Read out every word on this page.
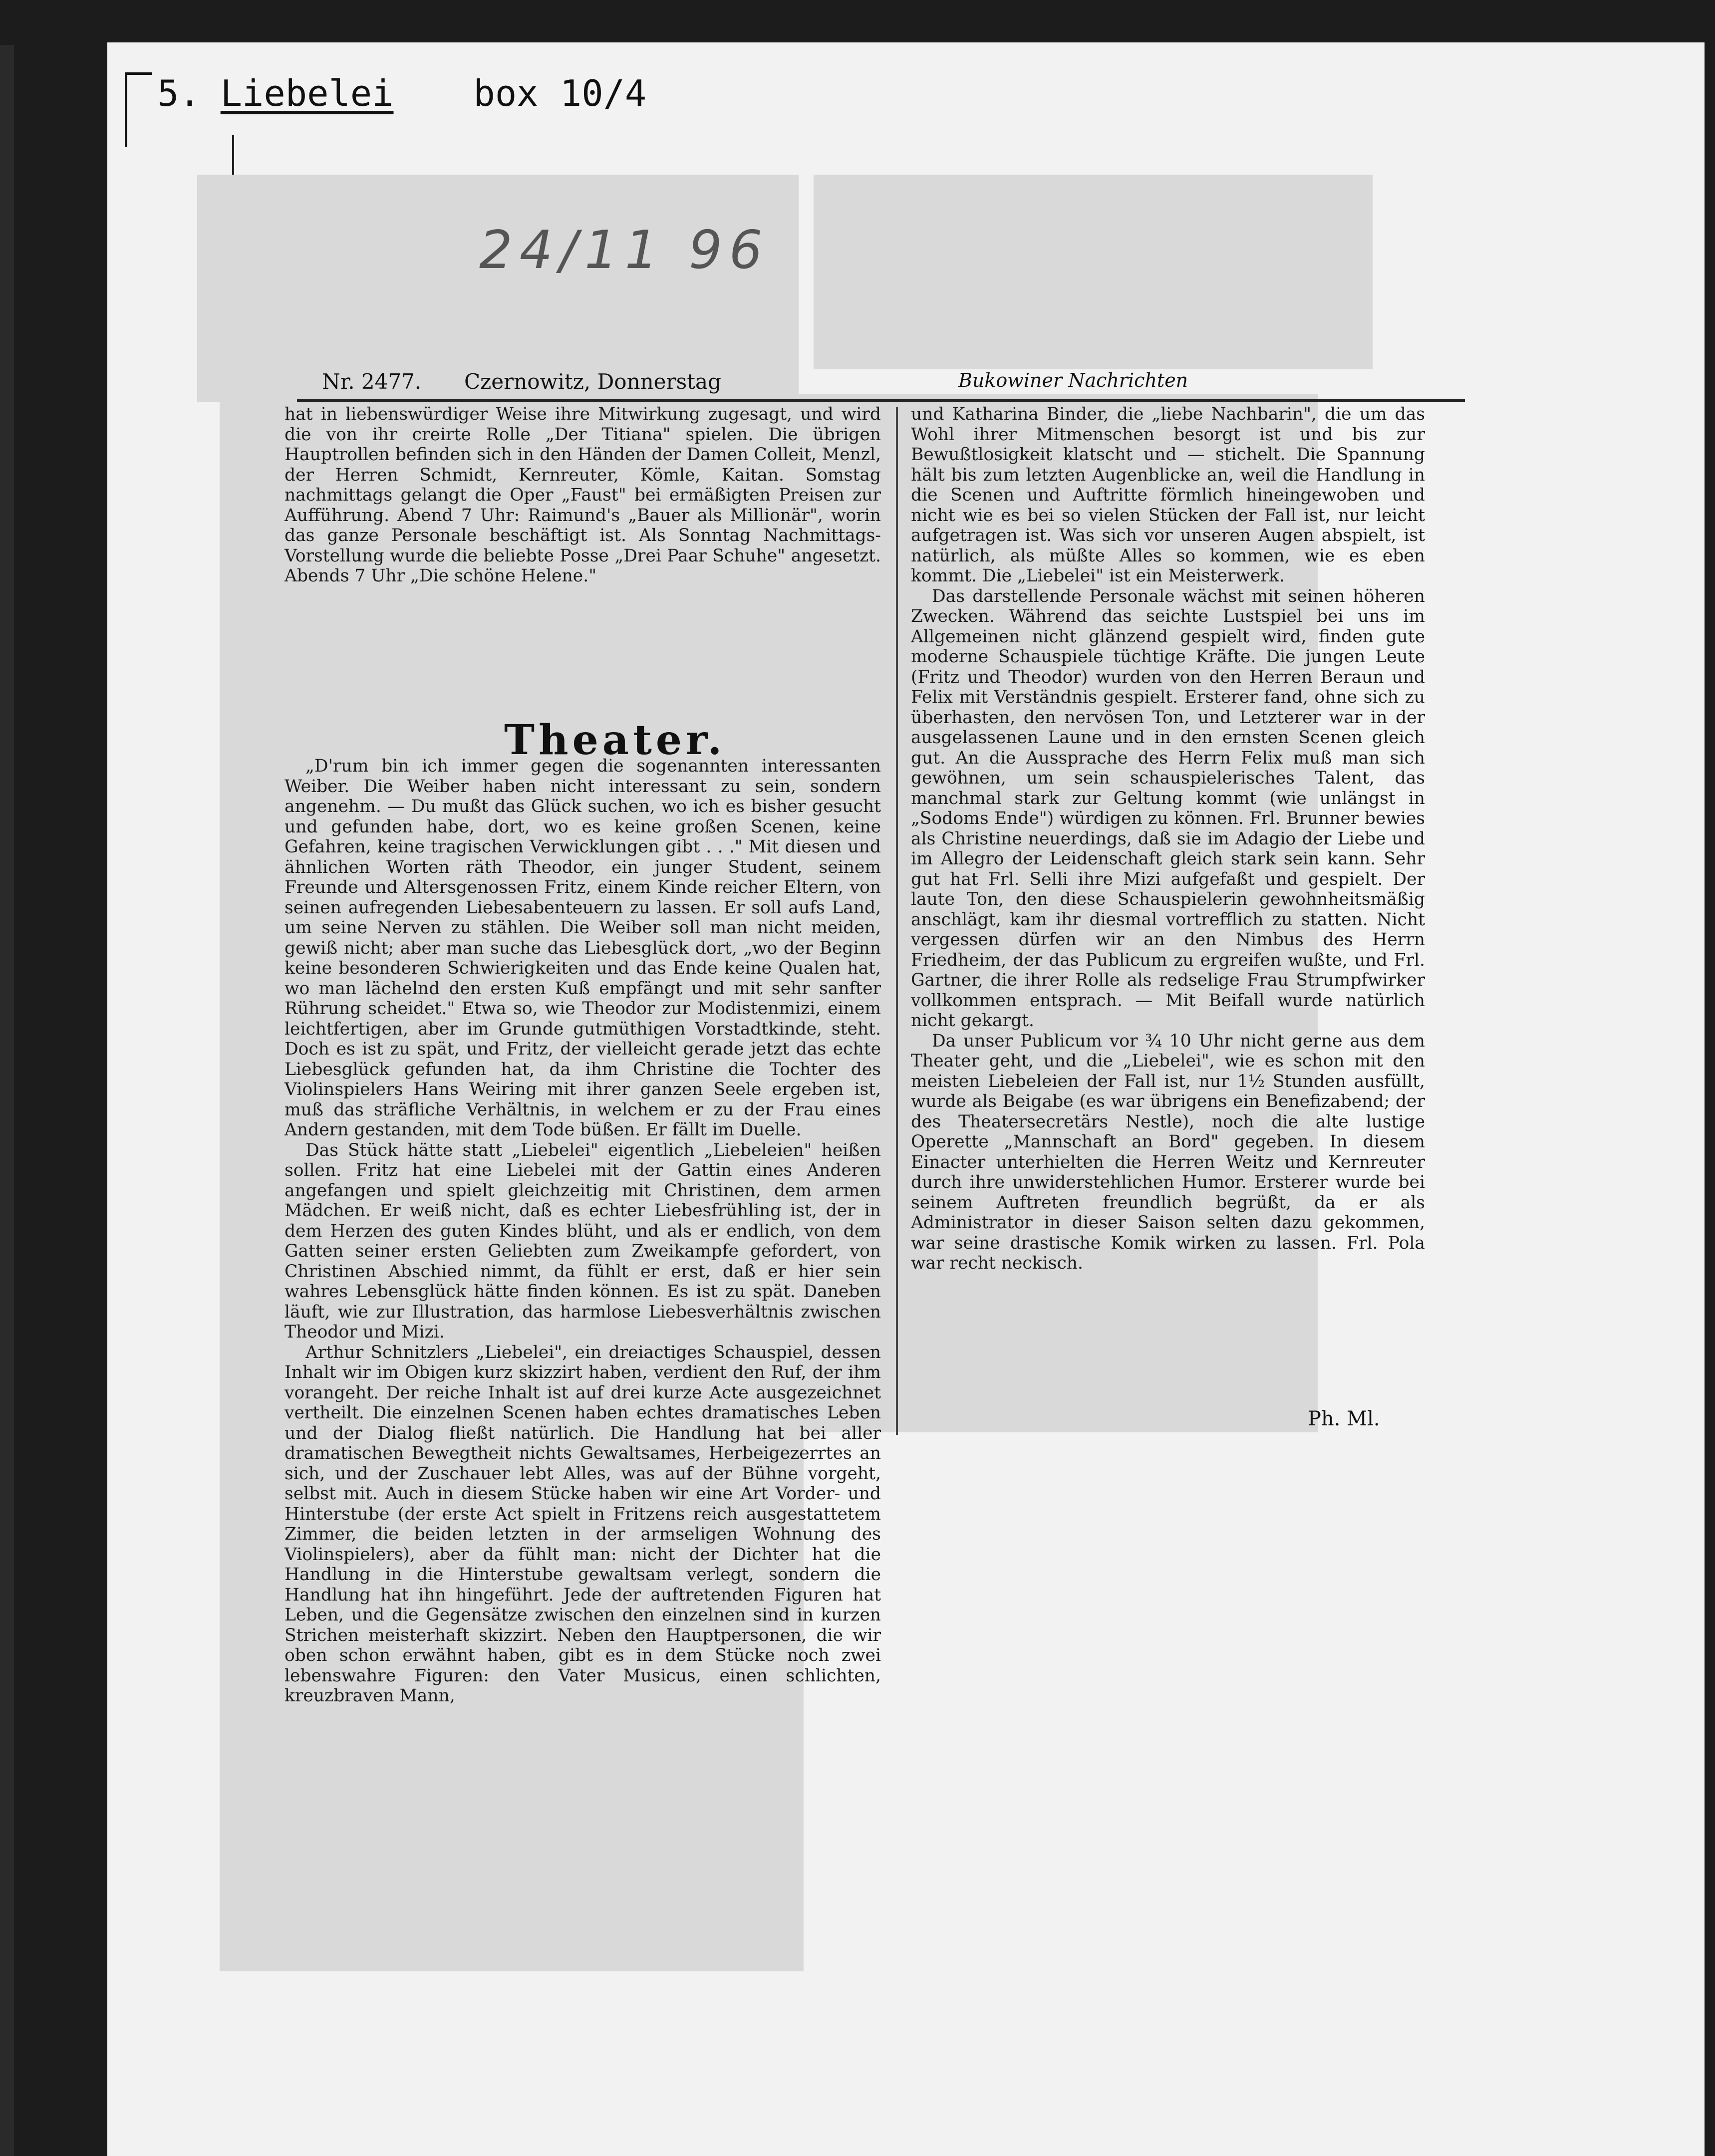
5. Liebelei box 10/4
24/11 96
Nr. 2477. Czernowitz, Donnerstag	Bukowiner Nachrichten

hat in liebenswürdiger Weise ihre Mitwirkung zugesagt, und wird die von ihr creirte Rolle „Der Titiana" spielen. Die übrigen Hauptrollen befinden sich in den Händen der Damen Colleit, Menzl, der Herren Schmidt, Kernreuter, Kömle, Kaitan. Somstag nachmittags gelangt die Oper „Faust" bei ermäßigten Preisen zur Aufführung. Abend 7 Uhr: Raimund's „Bauer als Millionär", worin das ganze Personale beschäftigt ist. Als Sonntag Nachmittags-Vorstellung wurde die beliebte Posse „Drei Paar Schuhe" angesetzt. Abends 7 Uhr „Die schöne Helene."

Theater.

„D'rum bin ich immer gegen die sogenannten interessanten Weiber. Die Weiber haben nicht interessant zu sein, sondern angenehm. — Du mußt das Glück suchen, wo ich es bisher gesucht und gefunden habe, dort, wo es keine großen Scenen, keine Gefahren, keine tragischen Verwicklungen gibt . . ." Mit diesen und ähnlichen Worten räth Theodor, ein junger Student, seinem Freunde und Altersgenossen Fritz, einem Kinde reicher Eltern, von seinen aufregenden Liebesabenteuern zu lassen. Er soll aufs Land, um seine Nerven zu stählen. Die Weiber soll man nicht meiden, gewiß nicht; aber man suche das Liebesglück dort, „wo der Beginn keine besonderen Schwierigkeiten und das Ende keine Qualen hat, wo man lächelnd den ersten Kuß empfängt und mit sehr sanfter Rührung scheidet." Etwa so, wie Theodor zur Modistenmizi, einem leichtfertigen, aber im Grunde gutmüthigen Vorstadtkinde, steht. Doch es ist zu spät, und Fritz, der vielleicht gerade jetzt das echte Liebesglück gefunden hat, da ihm Christine die Tochter des Violinspielers Hans Weiring mit ihrer ganzen Seele ergeben ist, muß das sträfliche Verhältnis, in welchem er zu der Frau eines Andern gestanden, mit dem Tode büßen. Er fällt im Duelle.

Das Stück hätte statt „Liebelei" eigentlich „Liebeleien" heißen sollen. Fritz hat eine Liebelei mit der Gattin eines Anderen angefangen und spielt gleichzeitig mit Christinen, dem armen Mädchen. Er weiß nicht, daß es echter Liebesfrühling ist, der in dem Herzen des guten Kindes blüht, und als er endlich, von dem Gatten seiner ersten Geliebten zum Zweikampfe gefordert, von Christinen Abschied nimmt, da fühlt er erst, daß er hier sein wahres Lebensglück hätte finden können. Es ist zu spät. Daneben läuft, wie zur Illustration, das harmlose Liebesverhältnis zwischen Theodor und Mizi.

Arthur Schnitzlers „Liebelei", ein dreiactiges Schauspiel, dessen Inhalt wir im Obigen kurz skizzirt haben, verdient den Ruf, der ihm vorangeht. Der reiche Inhalt ist auf drei kurze Acte ausgezeichnet vertheilt. Die einzelnen Scenen haben echtes dramatisches Leben und der Dialog fließt natürlich. Die Handlung hat bei aller dramatischen Bewegtheit nichts Gewaltsames, Herbeigezerrtes an sich, und der Zuschauer lebt Alles, was auf der Bühne vorgeht, selbst mit. Auch in diesem Stücke haben wir eine Art Vorder- und Hinterstube (der erste Act spielt in Fritzens reich ausgestattetem Zimmer, die beiden letzten in der armseligen Wohnung des Violinspielers), aber da fühlt man: nicht der Dichter hat die Handlung in die Hinterstube gewaltsam verlegt, sondern die Handlung hat ihn hingeführt. Jede der auftretenden Figuren hat Leben, und die Gegensätze zwischen den einzelnen sind in kurzen Strichen meisterhaft skizzirt. Neben den Hauptpersonen, die wir oben schon erwähnt haben, gibt es in dem Stücke noch zwei lebenswahre Figuren: den Vater Musicus, einen schlichten, kreuzbraven Mann,

und Katharina Binder, die „liebe Nachbarin", die um das Wohl ihrer Mitmenschen besorgt ist und bis zur Bewußtlosigkeit klatscht und — stichelt. Die Spannung hält bis zum letzten Augenblicke an, weil die Handlung in die Scenen und Auftritte förmlich hineingewoben und nicht wie es bei so vielen Stücken der Fall ist, nur leicht aufgetragen ist. Was sich vor unseren Augen abspielt, ist natürlich, als müßte Alles so kommen, wie es eben kommt. Die „Liebelei" ist ein Meisterwerk.

Das darstellende Personale wächst mit seinen höheren Zwecken. Während das seichte Lustspiel bei uns im Allgemeinen nicht glänzend gespielt wird, finden gute moderne Schauspiele tüchtige Kräfte. Die jungen Leute (Fritz und Theodor) wurden von den Herren Beraun und Felix mit Verständnis gespielt. Ersterer fand, ohne sich zu überhasten, den nervösen Ton, und Letzterer war in der ausgelassenen Laune und in den ernsten Scenen gleich gut. An die Aussprache des Herrn Felix muß man sich gewöhnen, um sein schauspielerisches Talent, das manchmal stark zur Geltung kommt (wie unlängst in „Sodoms Ende") würdigen zu können. Frl. Brunner bewies als Christine neuerdings, daß sie im Adagio der Liebe und im Allegro der Leidenschaft gleich stark sein kann. Sehr gut hat Frl. Selli ihre Mizi aufgefaßt und gespielt. Der laute Ton, den diese Schauspielerin gewohnheitsmäßig anschlägt, kam ihr diesmal vortrefflich zu statten. Nicht vergessen dürfen wir an den Nimbus des Herrn Friedheim, der das Publicum zu ergreifen wußte, und Frl. Gartner, die ihrer Rolle als redselige Frau Strumpfwirker vollkommen entsprach. — Mit Beifall wurde natürlich nicht gekargt.

Da unser Publicum vor ¾ 10 Uhr nicht gerne aus dem Theater geht, und die „Liebelei", wie es schon mit den meisten Liebeleien der Fall ist, nur 1½ Stunden ausfüllt, wurde als Beigabe (es war übrigens ein Benefizabend; der des Theatersecretärs Nestle), noch die alte lustige Operette „Mannschaft an Bord" gegeben. In diesem Einacter unterhielten die Herren Weitz und Kernreuter durch ihre unwiderstehlichen Humor. Ersterer wurde bei seinem Auftreten freundlich begrüßt, da er als Administrator in dieser Saison selten dazu gekommen, war seine drastische Komik wirken zu lassen. Frl. Pola war recht neckisch.

Ph. Ml.
